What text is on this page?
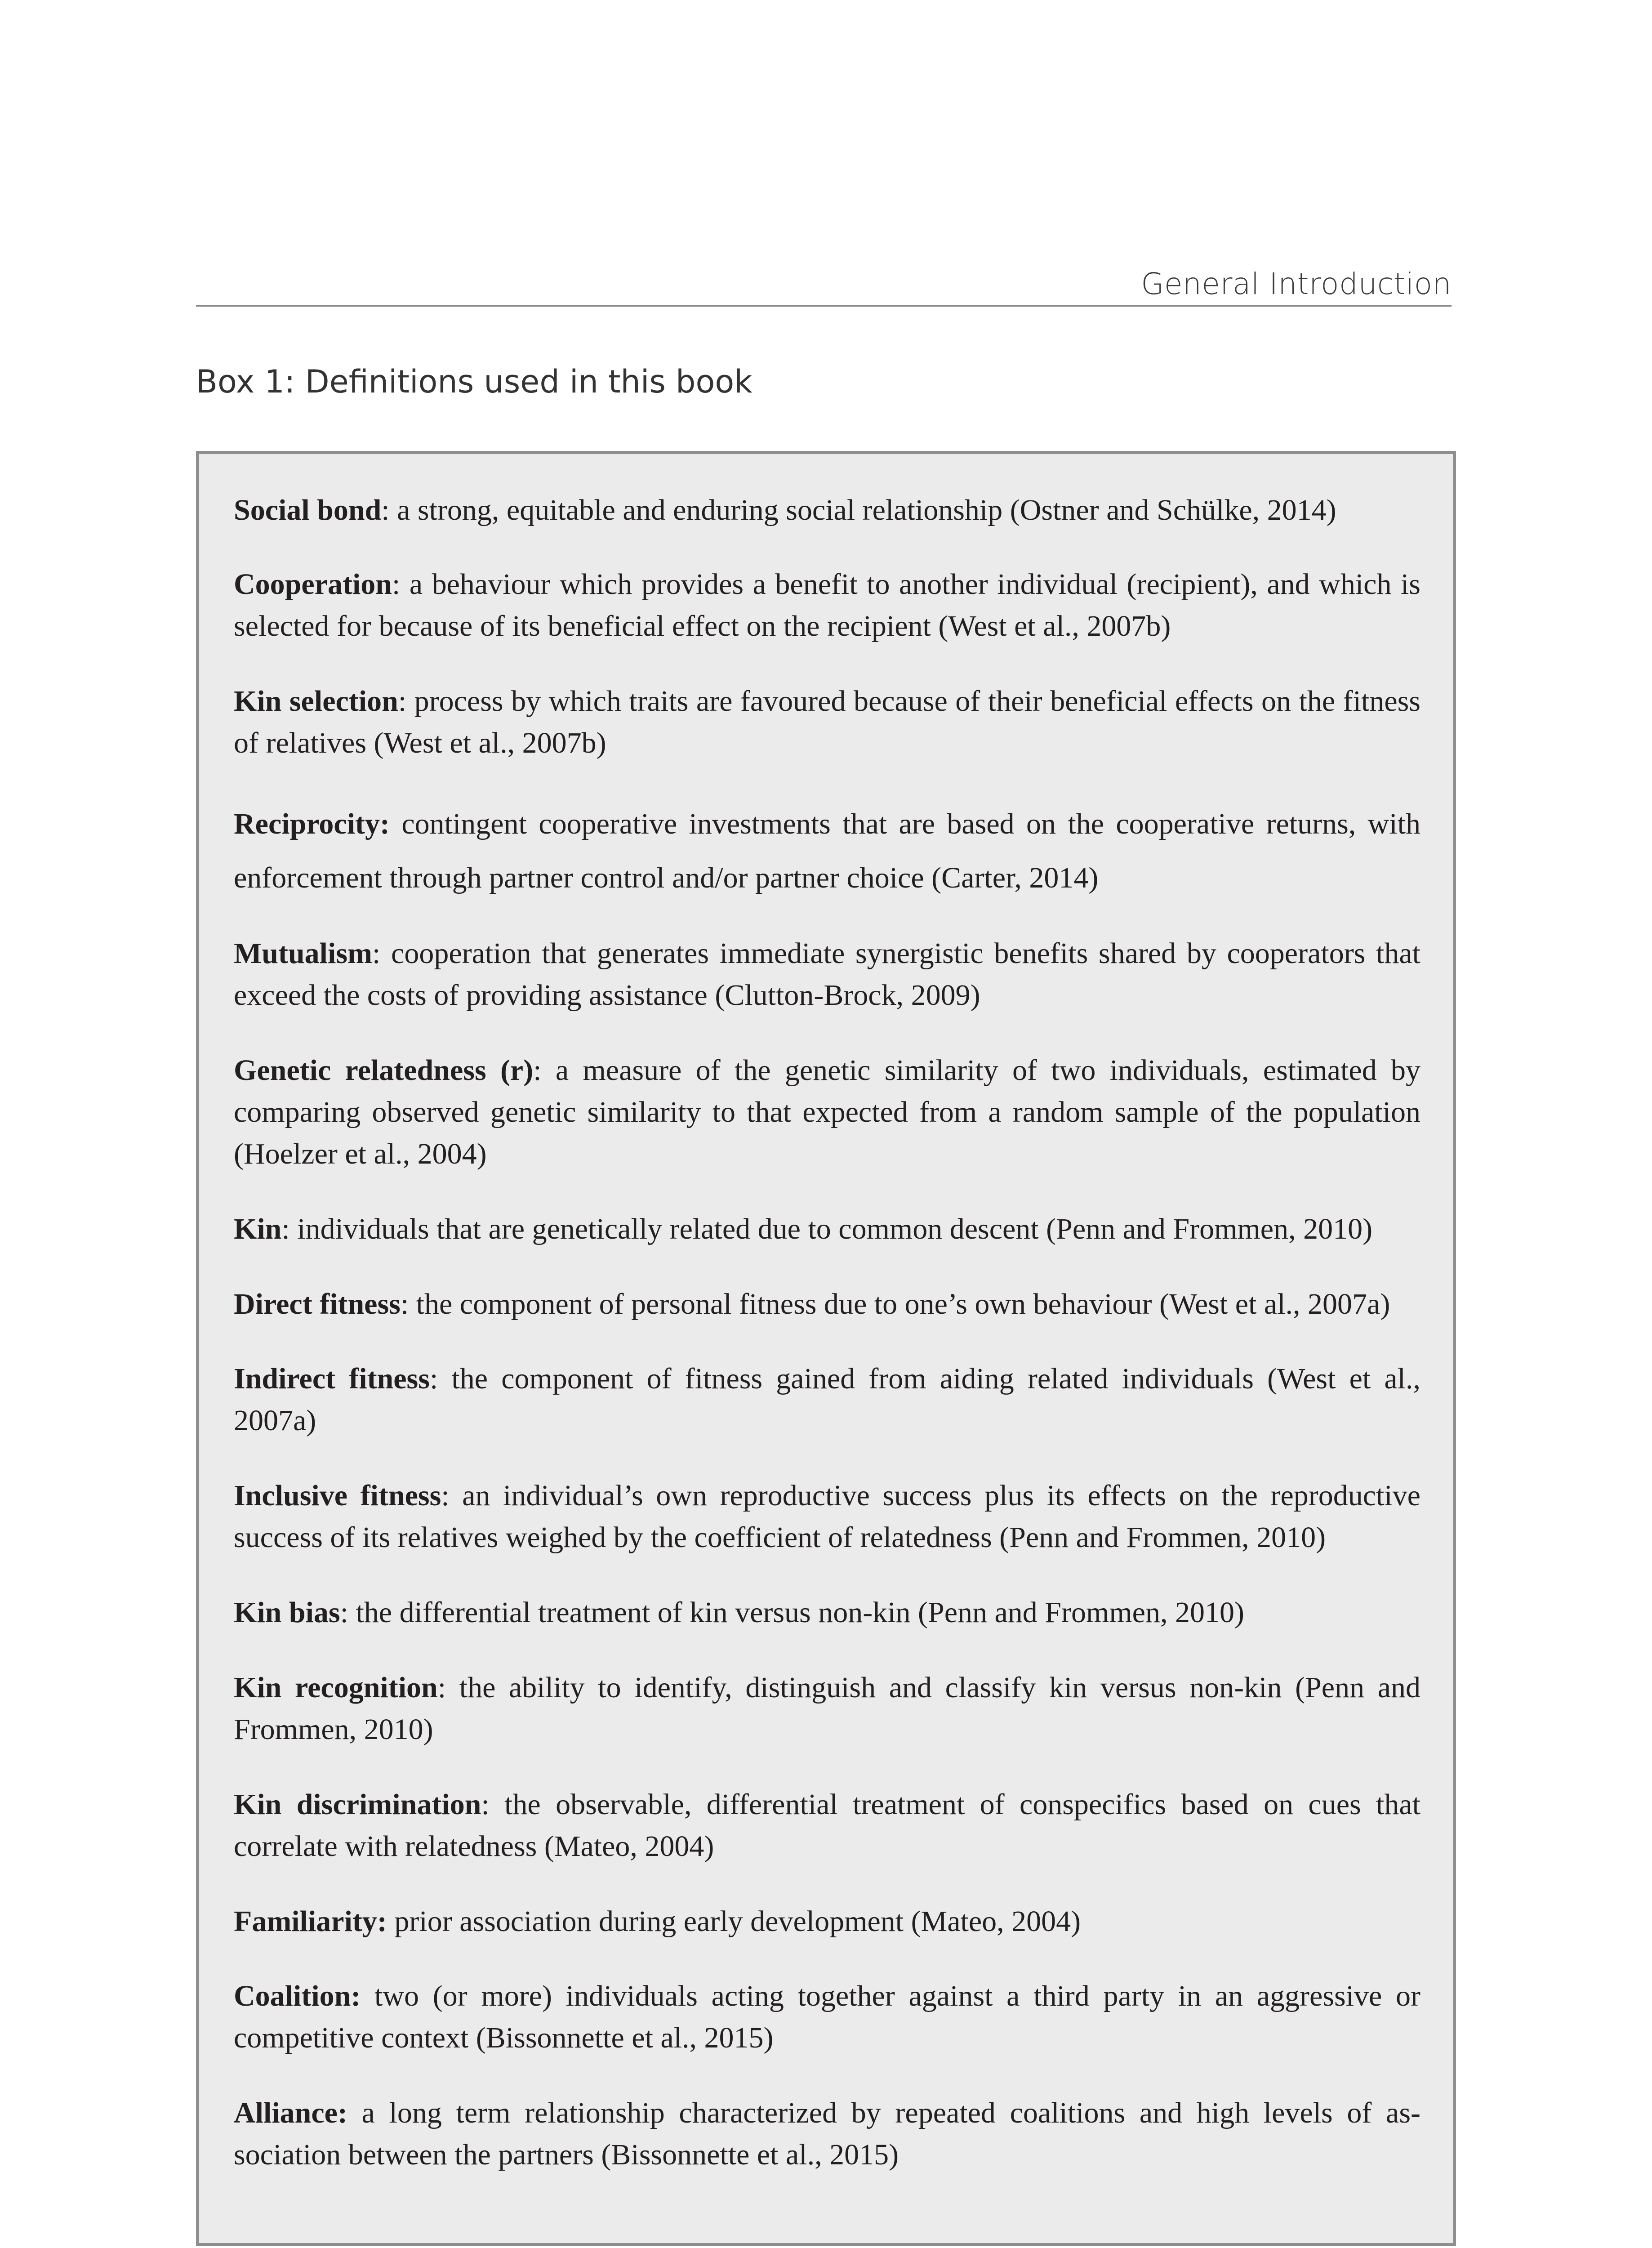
General Introduction
Box 1: Definitions used in this book

Social bond: a strong, equitable and enduring social relationship (Ostner and Schülke, 2014)

Cooperation: a behaviour which provides a benefit to another individual (recipient), and which is selected for because of its beneficial effect on the recipient (West et al., 2007b)

Kin selection: process by which traits are favoured because of their beneficial effects on the fitness of relatives (West et al., 2007b)

Reciprocity: contingent cooperative investments that are based on the cooperative returns, with enforcement through partner control and/or partner choice (Carter, 2014)

Mutualism: cooperation that generates immediate synergistic benefits shared by cooperators that exceed the costs of providing assistance (Clutton-Brock, 2009)

Genetic relatedness (r): a measure of the genetic similarity of two individuals, estimated by comparing observed genetic similarity to that expected from a random sample of the population (Hoelzer et al., 2004)

Kin: individuals that are genetically related due to common descent (Penn and Frommen, 2010)

Direct fitness: the component of personal fitness due to one’s own behaviour (West et al., 2007a)

Indirect fitness: the component of fitness gained from aiding related individuals (West et al., 2007a)

Inclusive fitness: an individual’s own reproductive success plus its effects on the reproductive success of its relatives weighed by the coefficient of relatedness (Penn and Frommen, 2010)

Kin bias: the differential treatment of kin versus non-kin (Penn and Frommen, 2010)

Kin recognition: the ability to identify, distinguish and classify kin versus non-kin (Penn and Frommen, 2010)

Kin discrimination: the observable, differential treatment of conspecifics based on cues that correlate with relatedness (Mateo, 2004)

Familiarity: prior association during early development (Mateo, 2004)

Coalition: two (or more) individuals acting together against a third party in an aggressive or competitive context (Bissonnette et al., 2015)

Alliance: a long term relationship characterized by repeated coalitions and high levels of as- sociation between the partners (Bissonnette et al., 2015)
